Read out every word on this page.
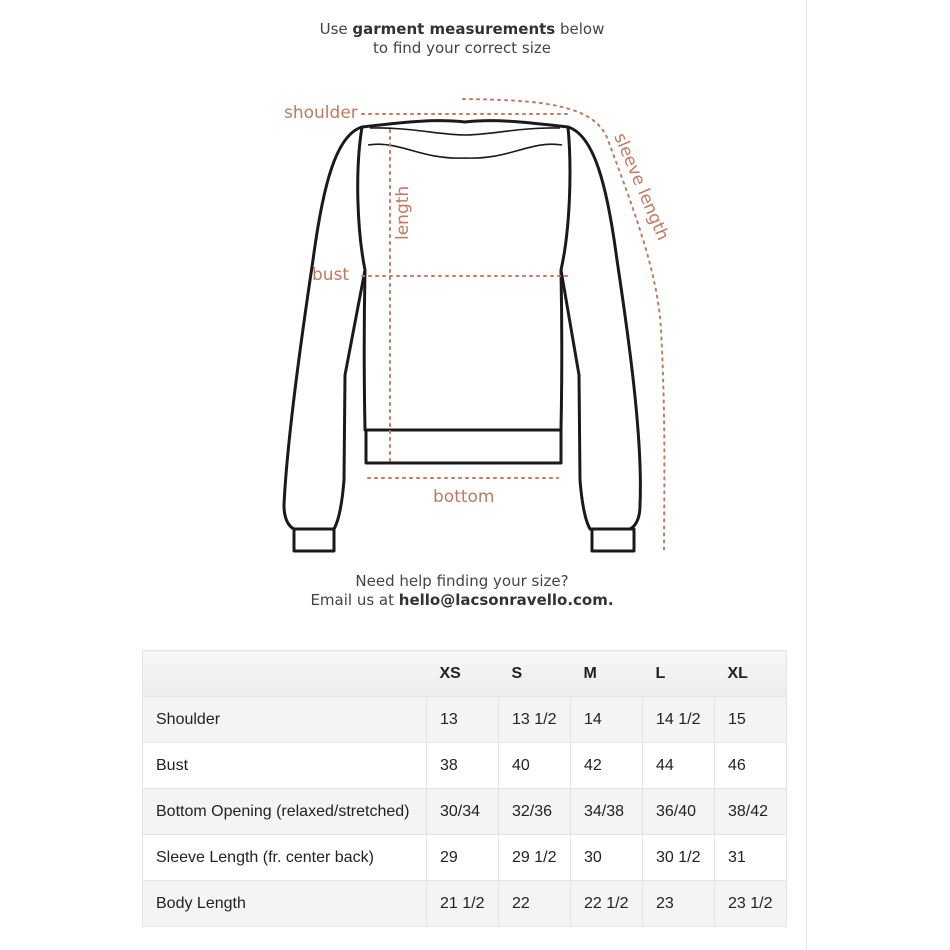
Use garment measurements below
to find your correct size
shoulder
length
bust
bottom
sleeve length
Need help finding your size?
Email us at hello@lacsonravello.com.
	XS	S	M	L	XL
Shoulder	13	13 1/2	14	14 1/2	15
Bust	38	40	42	44	46
Bottom Opening (relaxed/stretched)	30/34	32/36	34/38	36/40	38/42
Sleeve Length (fr. center back)	29	29 1/2	30	30 1/2	31
Body Length	21 1/2	22	22 1/2	23	23 1/2
